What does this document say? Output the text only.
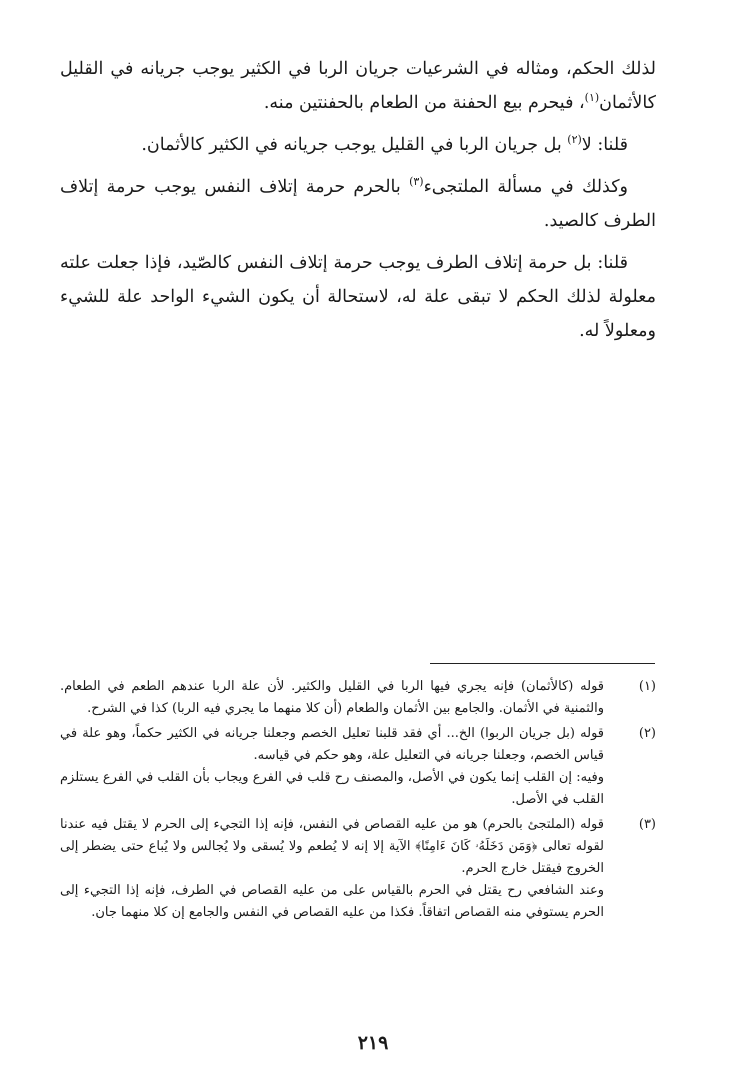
لذلك الحكم، ومثاله في الشرعيات جريان الربا في الكثير يوجب جريانه في القليل كالأثمان$^{(١)}$، فيحرم بيع الحفنة من الطعام بالحفنتين منه.

قلنا: لا$^{(٢)}$ بل جريان الربا في القليل يوجب جريانه في الكثير كالأثمان.

وكذلك في مسألة الملتجىء$^{(٣)}$ بالحرم حرمة إتلاف النفس يوجب حرمة إتلاف الطرف كالصيد.

قلنا: بل حرمة إتلاف الطرف يوجب حرمة إتلاف النفس كالصّيد، فإذا جعلت علته معلولة لذلك الحكم لا تبقى علة له، لاستحالة أن يكون الشيء الواحد علة للشيء ومعلولاً له.

(١)

قوله (كالأثمان) فإنه يجري فيها الربا في القليل والكثير. لأن علة الربا عندهم الطعم في الطعام. والثمنية في الأثمان. والجامع بين الأثمان والطعام (أن كلا منهما ما يجري فيه الربا) كذا في الشرح.

(٢)

قوله (بل جريان الربوا) الخ... أي فقد قلبنا تعليل الخصم وجعلنا جريانه في الكثير حكماً، وهو علة في قياس الخصم، وجعلنا جريانه في التعليل علة، وهو حكم في قياسه.

وفيه: إن القلب إنما يكون في الأصل، والمصنف رح قلب في الفرع ويجاب بأن القلب في الفرع يستلزم القلب في الأصل.

(٣)

قوله (الملتجئ بالحرم) هو من عليه القصاص في النفس، فإنه إذا التجيء إلى الحرم لا يقتل فيه عندنا لقوله تعالى ﴿وَمَن دَخَلَهُۥ كَانَ ءَامِنًا﴾ الآية إلا إنه لا يُطعم ولا يُسقى ولا يُجالس ولا يُباع حتى يضطر إلى الخروج فيقتل خارج الحرم.

وعند الشافعي رح يقتل في الحرم بالقياس على من عليه القصاص في الطرف، فإنه إذا التجيء إلى الحرم يستوفي منه القصاص اتفاقاً. فكذا من عليه القصاص في النفس والجامع إن كلا منهما جان.

٢١٩
